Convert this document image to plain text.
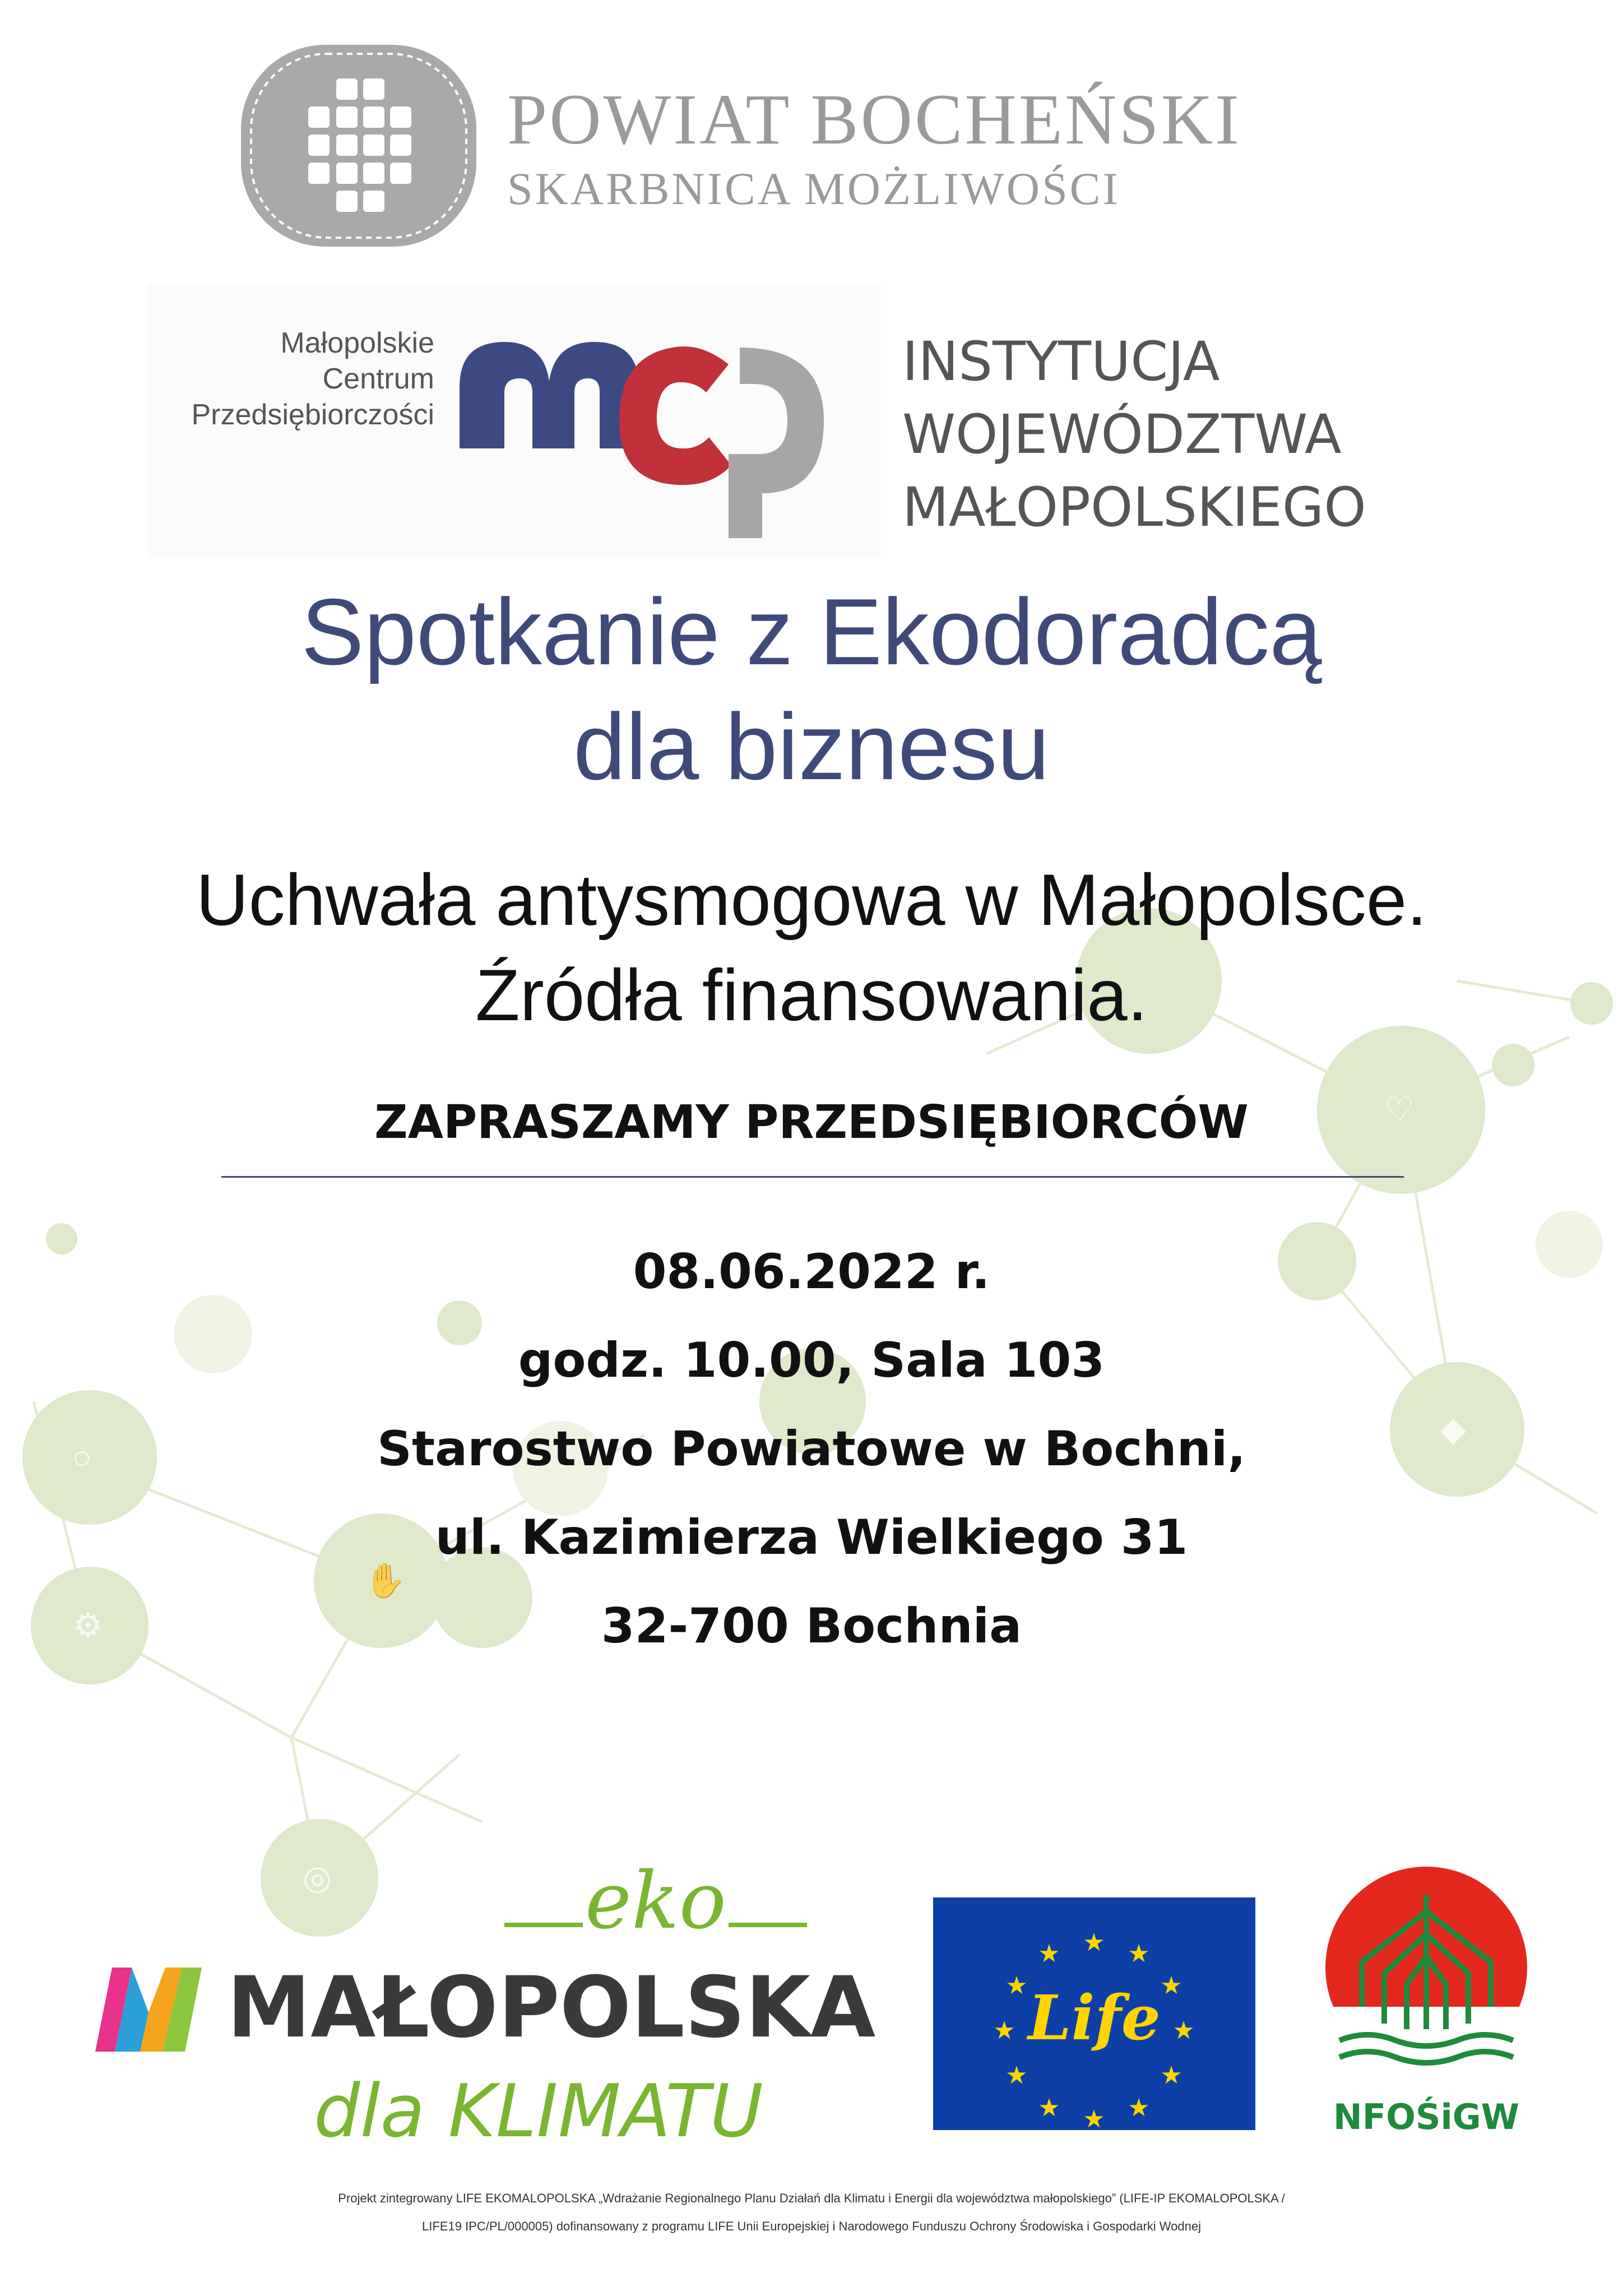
○
♡
◆
✋
◎
⚙
POWIAT BOCHEŃSKI
SKARBNICA MOŻLIWOŚCI
Małopolskie
Centrum
Przedsiębiorczości
INSTYTUCJA
WOJEWÓDZTWA
MAŁOPOLSKIEGO
Spotkanie z Ekodoradcą
dla biznesu
Uchwała antysmogowa w Małopolsce.
Źródła finansowania.
ZAPRASZAMY PRZEDSIĘBIORCÓW
08.06.2022 r.
godz. 10.00, Sala 103
Starostwo Powiatowe w Bochni,
ul. Kazimierza Wielkiego 31
32-700 Bochnia
eko
MAŁOPOLSKA
dla KLIMATU
★ ★
★
★
★
★
★
★
★
★
★
★
Life
NFOŚiGW
Projekt zintegrowany LIFE EKOMALOPOLSKA „Wdrażanie Regionalnego Planu Działań dla Klimatu i Energii dla województwa małopolskiego” (LIFE-IP EKOMALOPOLSKA /
LIFE19 IPC/PL/000005) dofinansowany z programu LIFE Unii Europejskiej i Narodowego Funduszu Ochrony Środowiska i Gospodarki Wodnej
